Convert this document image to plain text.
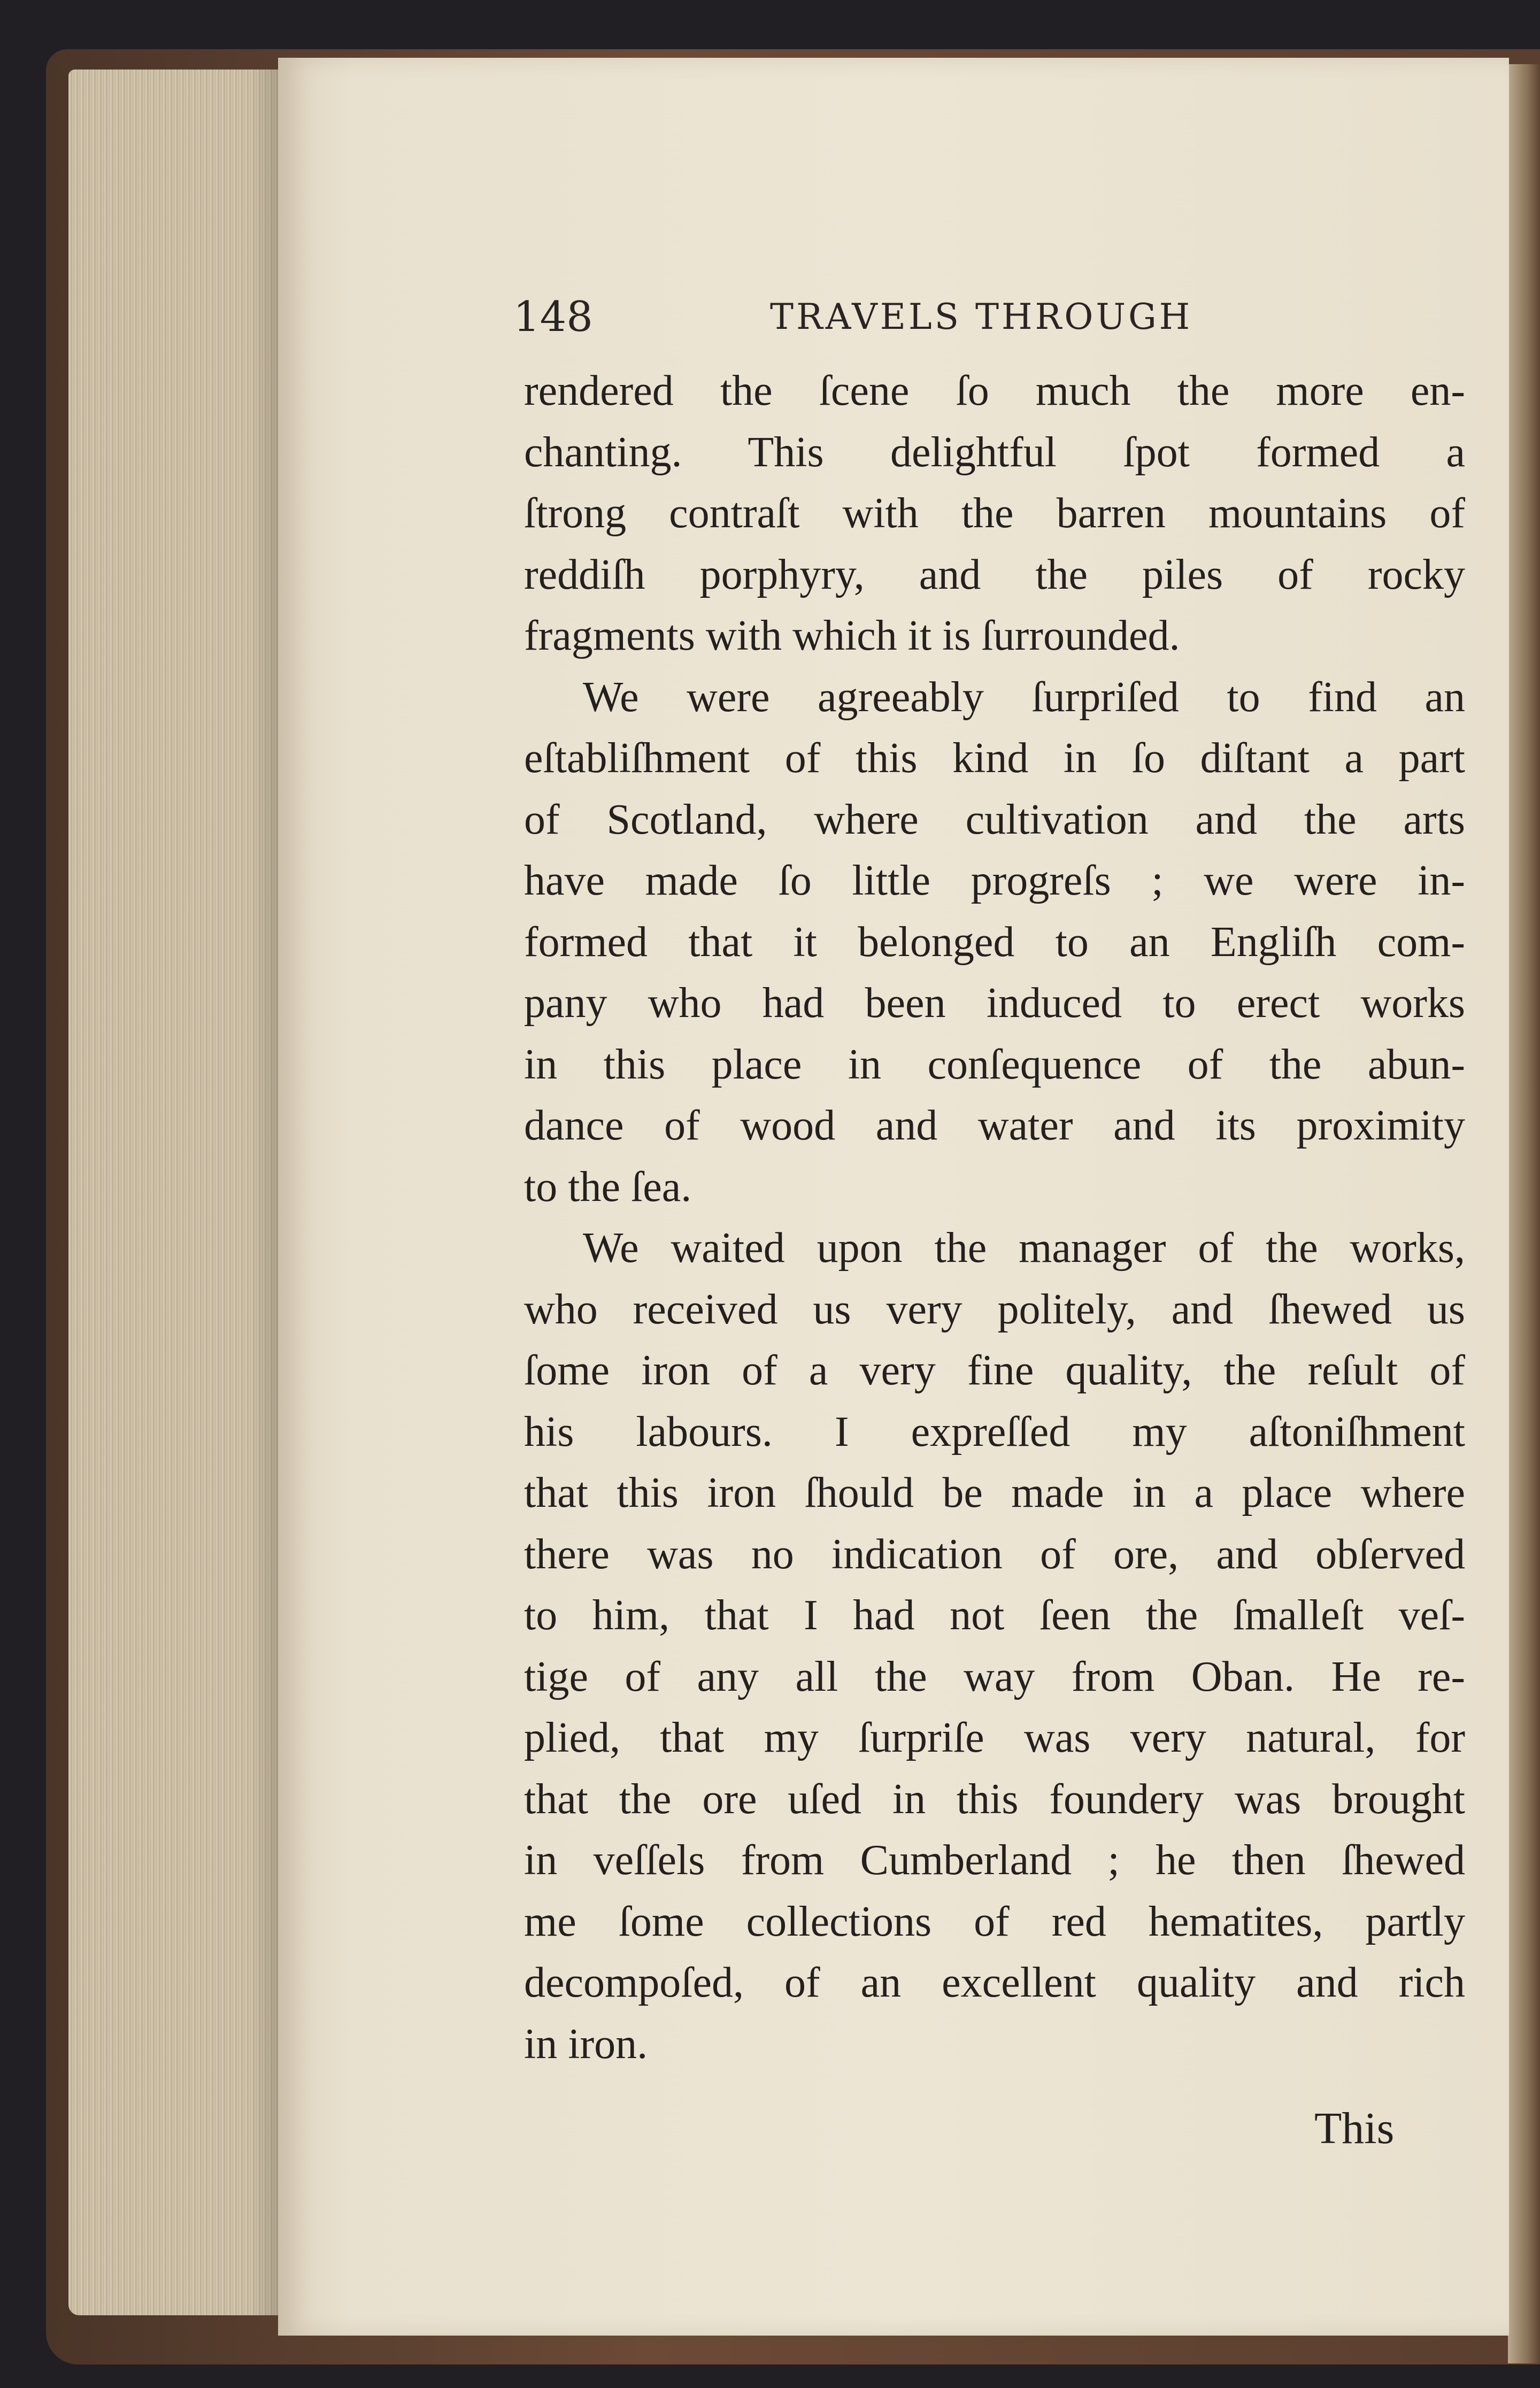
148	TRAVELS THROUGH
rendered the ſcene ſo much the more en-
chanting. This delightful ſpot formed a
ſtrong contraſt with the barren mountains of
reddiſh porphyry, and the piles of rocky
fragments with which it is ſurrounded.
We were agreeably ſurpriſed to find an
eſtabliſhment of this kind in ſo diſtant a part
of Scotland, where cultivation and the arts
have made ſo little progreſs ; we were in-
formed that it belonged to an Engliſh com-
pany who had been induced to erect works
in this place in conſequence of the abun-
dance of wood and water and its proximity
to the ſea.
We waited upon the manager of the works,
who received us very politely, and ſhewed us
ſome iron of a very fine quality, the reſult of
his labours. I expreſſed my aſtoniſhment
that this iron ſhould be made in a place where
there was no indication of ore, and obſerved
to him, that I had not ſeen the ſmalleſt veſ-
tige of any all the way from Oban. He re-
plied, that my ſurpriſe was very natural, for
that the ore uſed in this foundery was brought
in veſſels from Cumberland ; he then ſhewed
me ſome collections of red hematites, partly
decompoſed, of an excellent quality and rich
in iron.
This
